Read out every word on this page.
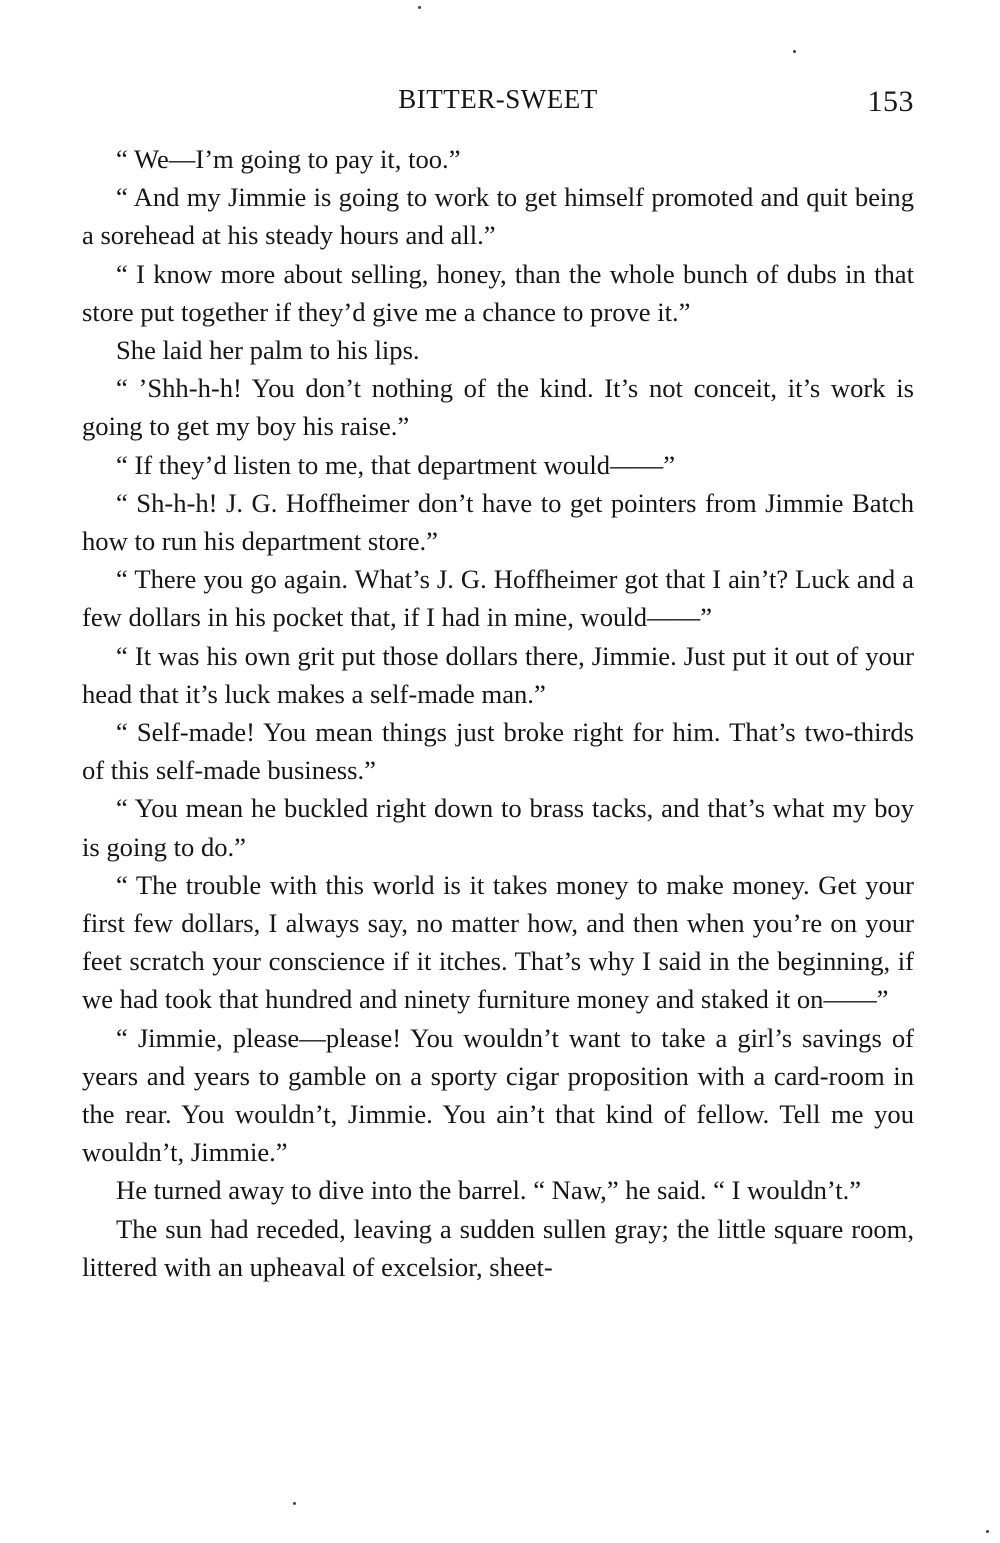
BITTER-SWEET	153

“ We—I’m going to pay it, too.”

“ And my Jimmie is going to work to get himself promoted and quit being a sorehead at his steady hours and all.”

“ I know more about selling, honey, than the whole bunch of dubs in that store put together if they’d give me a chance to prove it.”

She laid her palm to his lips.

“ ’Shh-h-h! You don’t nothing of the kind. It’s not conceit, it’s work is going to get my boy his raise.”

“ If they’d listen to me, that department would——”

“ Sh-h-h! J. G. Hoffheimer don’t have to get pointers from Jimmie Batch how to run his department store.”

“ There you go again. What’s J. G. Hoffheimer got that I ain’t? Luck and a few dollars in his pocket that, if I had in mine, would——”

“ It was his own grit put those dollars there, Jimmie. Just put it out of your head that it’s luck makes a self-made man.”

“ Self-made! You mean things just broke right for him. That’s two-thirds of this self-made business.”

“ You mean he buckled right down to brass tacks, and that’s what my boy is going to do.”

“ The trouble with this world is it takes money to make money. Get your first few dollars, I always say, no matter how, and then when you’re on your feet scratch your conscience if it itches. That’s why I said in the beginning, if we had took that hundred and ninety furniture money and staked it on——”

“ Jimmie, please—please! You wouldn’t want to take a girl’s savings of years and years to gamble on a sporty cigar proposition with a card-room in the rear. You wouldn’t, Jimmie. You ain’t that kind of fellow. Tell me you wouldn’t, Jimmie.”

He turned away to dive into the barrel. “ Naw,” he said. “ I wouldn’t.”

The sun had receded, leaving a sudden sullen gray; the little square room, littered with an upheaval of excelsior, sheet-
